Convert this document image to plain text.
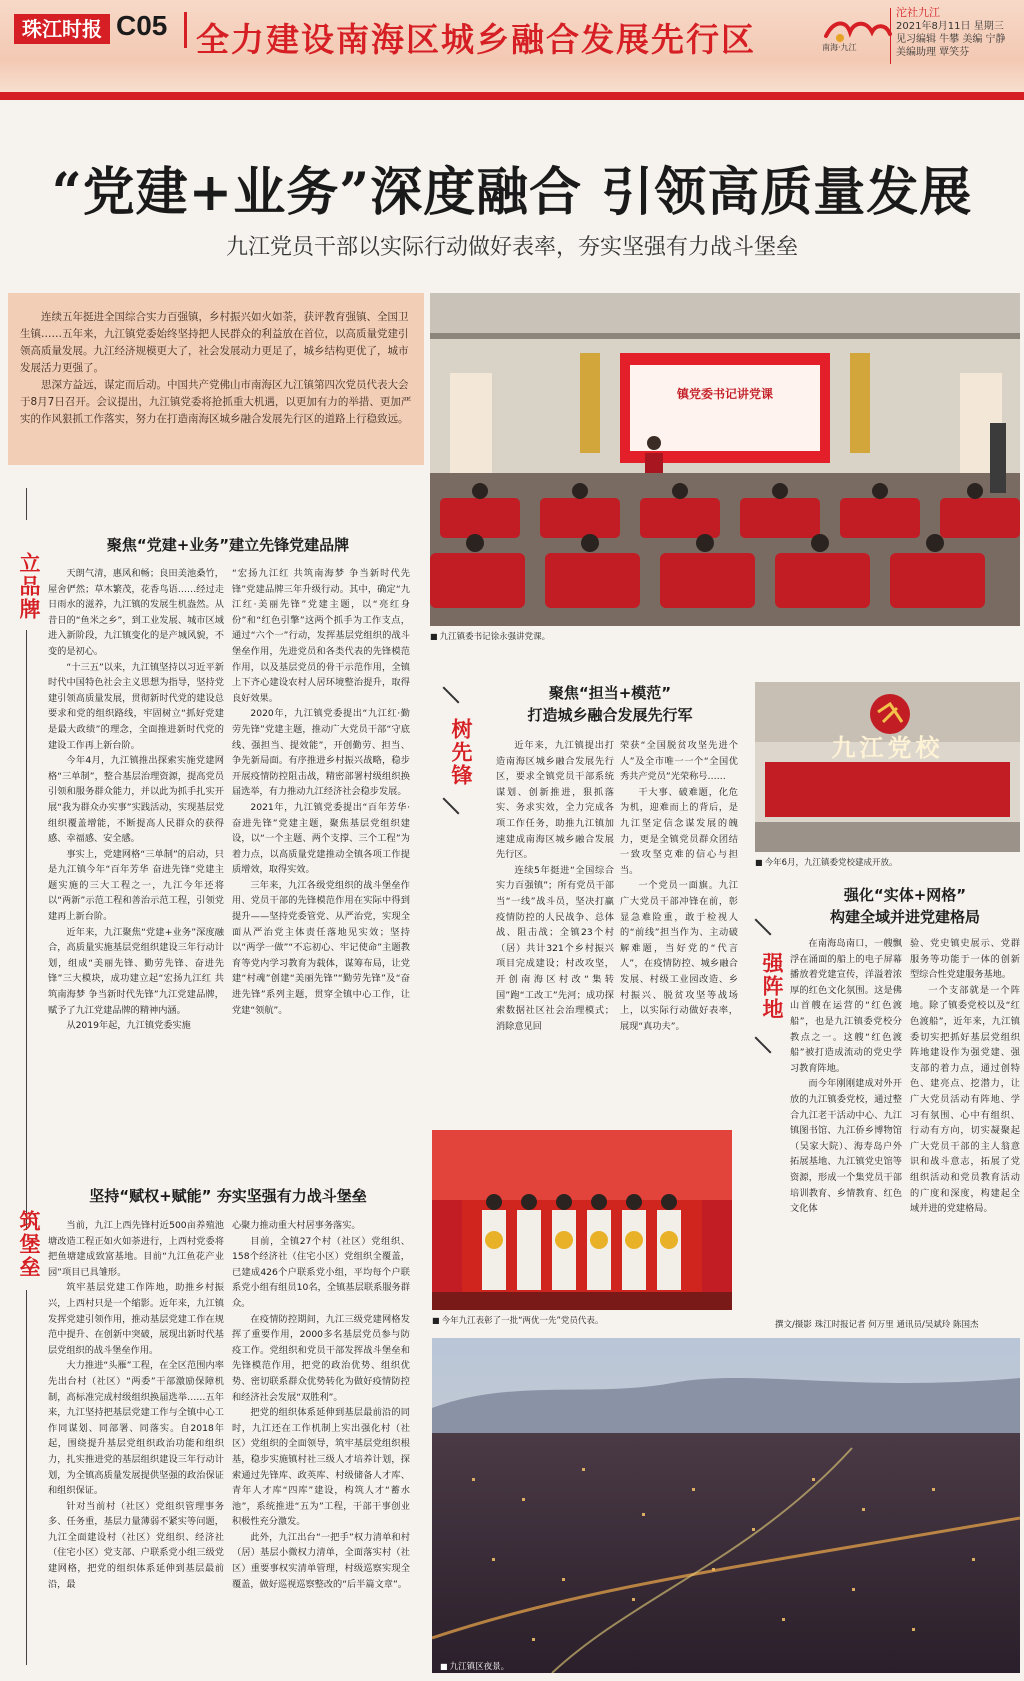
珠江时报 C05 全力建设南海区城乡融合发展先行区	南海·九江
沱社九江
2021年8月11日 星期三
见习编辑 牛攀 美编 宁静
美编助理 覃笑芬
“党建+业务”深度融合 引领高质量发展
九江党员干部以实际行动做好表率，夯实坚强有力战斗堡垒

连续五年挺进全国综合实力百强镇，乡村振兴如火如荼，获评教育强镇、全国卫生镇……五年来，九江镇党委始终坚持把人民群众的利益放在首位，以高质量党建引领高质量发展。九江经济规模更大了，社会发展动力更足了，城乡结构更优了，城市发展活力更强了。

思深方益远，谋定而后动。中国共产党佛山市南海区九江镇第四次党员代表大会于8月7日召开。会议提出，九江镇党委将抢抓重大机遇，以更加有力的举措、更加严实的作风狠抓工作落实，努力在打造南海区城乡融合发展先行区的道路上行稳致远。

镇党委书记讲党课
■ 九江镇委书记徐永强讲党课。
立品牌
聚焦“党建+业务”建立先锋党建品牌

天朗气清，惠风和畅；良田美池桑竹，屋舍俨然；草木繁茂，花香鸟语……经过走日雨水的滋养，九江镇的发展生机盎然。从昔日的“鱼米之乡”，到工业发展、城市区域进入新阶段，九江镇变化的是产城风貌，不变的是初心。

“十三五”以来，九江镇坚持以习近平新时代中国特色社会主义思想为指导，坚持党建引领高质量发展，贯彻新时代党的建设总要求和党的组织路线，牢固树立“抓好党建是最大政绩”的理念，全面推进新时代党的建设工作再上新台阶。

今年4月，九江镇推出探索实施党建网格“三单制”，整合基层治理资源，提高党员引领和服务群众能力，并以此为抓手扎实开展“我为群众办实事”实践活动，实现基层党组织覆盖增能，不断提高人民群众的获得感、幸福感、安全感。

事实上，党建网格“三单制”的启动，只是九江镇今年“百年芳华 奋进先锋”党建主题实施的三大工程之一，九江今年还将以“两新”示范工程和善治示范工程，引领党建再上新台阶。

近年来，九江聚焦“党建+业务”深度融合，高质量实施基层党组织建设三年行动计划，组成“美丽先锋、勤劳先锋、奋进先锋”三大模块，成功建立起“宏扬九江红 共筑南海梦 争当新时代先锋”九江党建品牌，赋予了九江党建品牌的精神内涵。

从2019年起，九江镇党委实施

“宏扬九江红 共筑南海梦 争当新时代先锋”党建品牌三年升级行动。其中，确定“九江红·美丽先锋”党建主题，以“亮红身份”和“红色引擎”这两个抓手为工作支点，通过“六个一”行动，发挥基层党组织的战斗堡垒作用，先进党员和各类代表的先锋模范作用，以及基层党员的骨干示范作用，全镇上下齐心建设农村人居环境整治提升，取得良好效果。

2020年，九江镇党委提出“九江红·勤劳先锋”党建主题，推动广大党员干部“守底线、强担当、提效能”，开创勤劳、担当、争先新局面。有序推进乡村振兴战略，稳步开展疫情防控阻击战，精密部署村级组织换届选举，有力推动九江经济社会稳步发展。

2021年，九江镇党委提出“百年芳华·奋进先锋”党建主题，聚焦基层党组织建设，以“一个主题、两个支撑、三个工程”为着力点，以高质量党建推动全镇各项工作提质增效，取得实效。

三年来，九江各级党组织的战斗堡垒作用、党员干部的先锋模范作用在实际中得到提升——坚持党委管党、从严治党，实现全面从严治党主体责任落地见实效；坚持以“两学一做”“不忘初心、牢记使命”主题教育等党内学习教育为载体，谋筹布局，让党建“村魂”创建“美丽先锋”“勤劳先锋”及“奋进先锋”系列主题，贯穿全镇中心工作，让党建“领航”。

筑堡垒
坚持“赋权+赋能” 夯实坚强有力战斗堡垒

当前，九江上西先锋村近500亩养殖池塘改造工程正如火如荼进行，上西村党委将把鱼塘建成致富基地。目前“九江鱼花产业园”项目已具雏形。

筑牢基层党建工作阵地，助推乡村振兴，上西村只是一个缩影。近年来，九江镇发挥党建引领作用，推动基层党建工作在规范中提升、在创新中突破，展现出新时代基层党组织的战斗堡垒作用。

大力推进“头雁”工程，在全区范围内率先出台村（社区）“两委”干部激励保障机制，高标准完成村级组织换届选举……五年来，九江坚持把基层党建工作与全镇中心工作同谋划、同部署、同落实。自2018年起，围绕提升基层党组织政治功能和组织力，扎实推进党的基层组织建设三年行动计划，为全镇高质量发展提供坚强的政治保证和组织保证。

针对当前村（社区）党组织管理事务多、任务重，基层力量薄弱不紧实等问题，九江全面建设村（社区）党组织、经济社（住宅小区）党支部、户联系党小组三级党建网格，把党的组织体系延伸到基层最前沿，最

心聚力推动重大村居事务落实。

目前，全镇27个村（社区）党组织、158个经济社（住宅小区）党组织全覆盖，已建成426个户联系党小组，平均每个户联系党小组有组员10名，全镇基层联系服务群众。

在疫情防控期间，九江三级党建网格发挥了重要作用，2000多名基层党员参与防疫工作。党组织和党员干部发挥战斗堡垒和先锋模范作用，把党的政治优势、组织优势、密切联系群众优势转化为做好疫情防控和经济社会发展“双胜利”。

把党的组织体系延伸到基层最前沿的同时，九江还在工作机制上实出强化村（社区）党组织的全面领导，筑牢基层党组织根基，稳步实施镇村社三级人才培养计划，探索通过先锋库、政英库、村级储备人才库、青年人才库“四库”建设，构筑人才“蓄水池”，系统推进“五为”工程，干部干事创业积极性充分激发。

此外，九江出台“一把手”权力清单和村（居）基层小微权力清单，全面落实村（社区）重要事权实清单管理，村级巡察实现全覆盖，做好巡视巡察整改的“后半篇文章”。

树先锋
聚焦“担当+模范”
打造城乡融合发展先行军

近年来，九江镇提出打造南海区城乡融合发展先行区，要求全镇党员干部系统谋划、创新推进，狠抓落实、务求实效，全力完成各项工作任务，助推九江镇加速建成南海区城乡融合发展先行区。

连续5年挺进“全国综合实力百强镇”；所有党员干部当“一线”战斗员，坚决打赢疫情防控的人民战争、总体战、阻击战；全镇23个村（居）共计321个乡村振兴项目完成建设；村改攻坚，开创南海区村改“集转国”跑“工改工”先河；成功探索数据社区社会治理模式；消除意见回

荣获“全国脱贫攻坚先进个人”及全市唯一一个“全国优秀共产党员”光荣称号……

干大事、破难题，化危为机，迎难而上的背后，是九江坚定信念谋发展的魄力，更是全镇党员群众团结一致攻坚克难的信心与担当。

一个党员一面旗。九江广大党员干部冲锋在前，彰显急难险重，敢于检视人的“前线”担当作为、主动破解难题，当好党的“代言人”，在疫情防控、城乡融合发展、村级工业园改造、乡村振兴、脱贫攻坚等战场上，以实际行动做好表率，展现“真功夫”。

九江党校
■ 今年6月，九江镇委党校建成开放。
强阵地
强化“实体+网格”
构建全域并进党建格局

在南海岛南口，一艘飘浮在涌面的船上的电子屏幕播放着党建宣传，洋溢着浓厚的红色文化氛围。这是佛山首艘在运营的“红色渡船”，也是九江镇委党校分教点之一。这艘“红色渡船”被打造成流动的党史学习教育阵地。

而今年刚刚建成对外开放的九江镇委党校，通过整合九江老干活动中心、九江镇图书馆、九江侨乡博物馆（吴家大院）、海寿岛户外拓展基地、九江镇党史馆等资源，形成一个集党员干部培训教育、乡情教育、红色文化体

验、党史镇史展示、党群服务等功能于一体的创新型综合性党建服务基地。

一个支部就是一个阵地。除了镇委党校以及“红色渡船”，近年来，九江镇委切实把抓好基层党组织阵地建设作为强党建、强支部的着力点，通过创特色、建亮点、挖潜力，让广大党员活动有阵地、学习有氛围、心中有组织、行动有方向，切实凝聚起广大党员干部的主人翁意识和战斗意志，拓展了党组织活动和党员教育活动的广度和深度，构建起全域并进的党建格局。

撰文/摄影 珠江时报记者 何万里 通讯员/吴斌玲 陈国杰
■ 今年九江表彰了一批“两优一先”党员代表。
■ 九江镇区夜景。
